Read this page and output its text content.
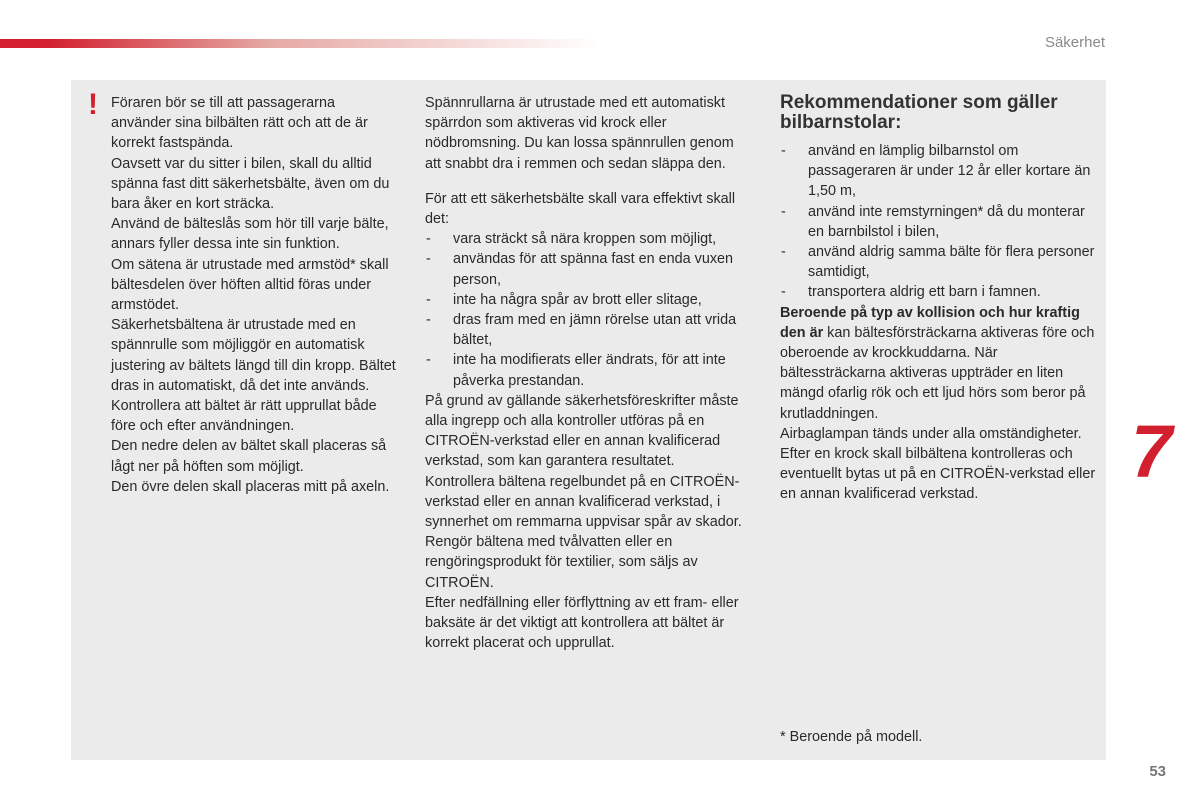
Säkerhet
! Föraren bör se till att passagerarna använder sina bilbälten rätt och att de är korrekt fastspända.

Oavsett var du sitter i bilen, skall du alltid spänna fast ditt säkerhetsbälte, även om du bara åker en kort sträcka.

Använd de bälteslås som hör till varje bälte, annars fyller dessa inte sin funktion.

Om sätena är utrustade med armstöd* skall bältesdelen över höften alltid föras under armstödet.

Säkerhetsbältena är utrustade med en spännrulle som möjliggör en automatisk justering av bältets längd till din kropp. Bältet dras in automatiskt, då det inte används.

Kontrollera att bältet är rätt upprullat både före och efter användningen.

Den nedre delen av bältet skall placeras så lågt ner på höften som möjligt.

Den övre delen skall placeras mitt på axeln.

Spännrullarna är utrustade med ett automatiskt spärrdon som aktiveras vid krock eller nödbromsning. Du kan lossa spännrullen genom att snabbt dra i remmen och sedan släppa den.

För att ett säkerhetsbälte skall vara effektivt skall det:

- vara sträckt så nära kroppen som möjligt,
- användas för att spänna fast en enda vuxen person,
- inte ha några spår av brott eller slitage,
- dras fram med en jämn rörelse utan att vrida bältet,
- inte ha modifierats eller ändrats, för att inte påverka prestandan.

På grund av gällande säkerhetsföreskrifter måste alla ingrepp och alla kontroller utföras på en CITROËN-verkstad eller en annan kvalificerad verkstad, som kan garantera resultatet.

Kontrollera bältena regelbundet på en CITROËN-verkstad eller en annan kvalificerad verkstad, i synnerhet om remmarna uppvisar spår av skador.

Rengör bältena med tvålvatten eller en rengöringsprodukt för textilier, som säljs av CITROËN.

Efter nedfällning eller förflyttning av ett fram- eller baksäte är det viktigt att kontrollera att bältet är korrekt placerat och upprullat.

Rekommendationer som gäller bilbarnstolar:
- använd en lämplig bilbarnstol om passageraren är under 12 år eller kortare än 1,50 m,
- använd inte remstyrningen* då du monterar en barnbilstol i bilen,
- använd aldrig samma bälte för flera personer samtidigt,
- transportera aldrig ett barn i famnen.

Beroende på typ av kollision och hur kraftig den är kan bältesförsträckarna aktiveras före och oberoende av krockkuddarna. När bältessträckarna aktiveras uppträder en liten mängd ofarlig rök och ett ljud hörs som beror på krutladdningen.

Airbaglampan tänds under alla omständigheter.

Efter en krock skall bilbältena kontrolleras och eventuellt bytas ut på en CITROËN-verkstad eller en annan kvalificerad verkstad.

* Beroende på modell.
7
53
